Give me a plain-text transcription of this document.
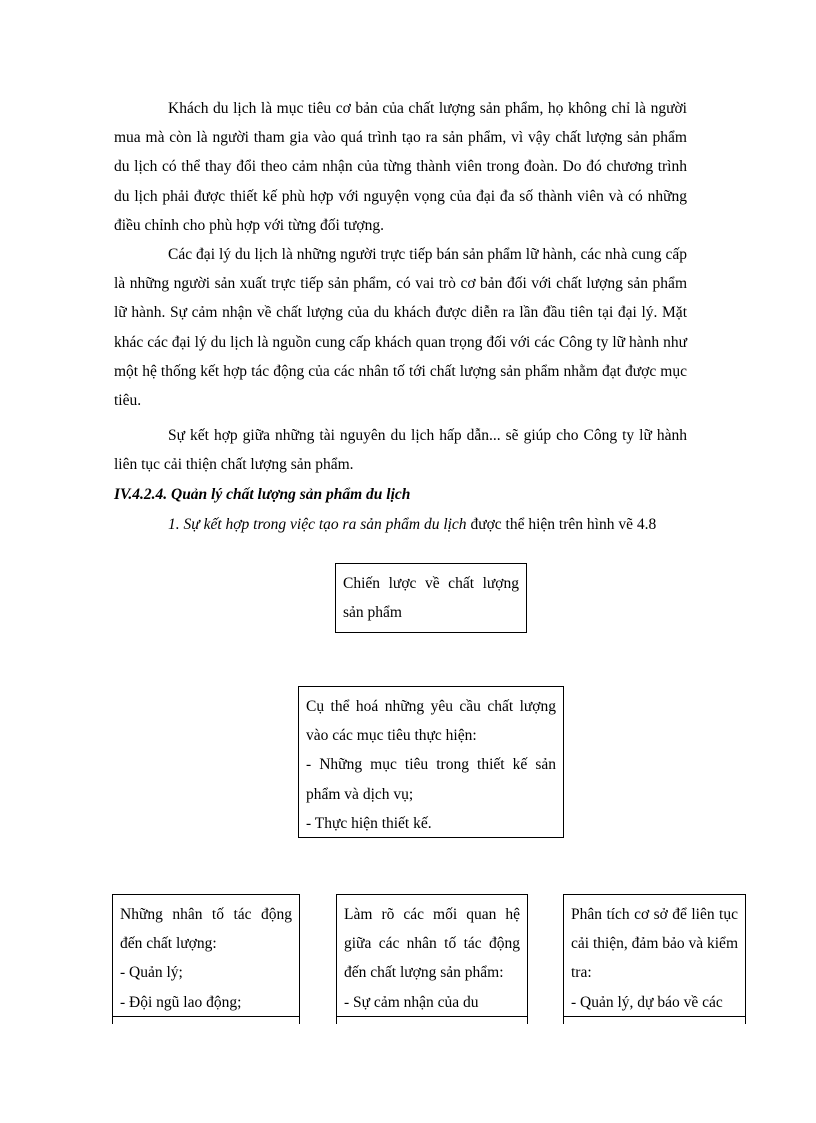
Khách du lịch là mục tiêu cơ bản của chất lượng sản phẩm, họ không chỉ là người mua mà còn là người tham gia vào quá trình tạo ra sản phẩm, vì vậy chất lượng sản phẩm du lịch có thể thay đổi theo cảm nhận của từng thành viên trong đoàn. Do đó chương trình du lịch phải được thiết kế phù hợp với nguyện vọng của đại đa số thành viên và có những điều chỉnh cho phù hợp với từng đối tượng.

Các đại lý du lịch là những người trực tiếp bán sản phẩm lữ hành, các nhà cung cấp là những người sản xuất trực tiếp sản phẩm, có vai trò cơ bản đối với chất lượng sản phẩm lữ hành. Sự cảm nhận về chất lượng của du khách được diễn ra lần đầu tiên tại đại lý. Mặt khác các đại lý du lịch là nguồn cung cấp khách quan trọng đối với các Công ty lữ hành như một hệ thống kết hợp tác động của các nhân tố tới chất lượng sản phẩm nhằm đạt được mục tiêu.

Sự kết hợp giữa những tài nguyên du lịch hấp dẫn... sẽ giúp cho Công ty lữ hành liên tục cải thiện chất lượng sản phẩm.

IV.4.2.4. Quản lý chất lượng sản phẩm du lịch

1. Sự kết hợp trong việc tạo ra sản phẩm du lịch được thể hiện trên hình vẽ 4.8

Chiến lược về chất lượng sản phẩm

Cụ thể hoá những yêu cầu chất lượng vào các mục tiêu thực hiện:

- Những mục tiêu trong thiết kế sản phẩm và dịch vụ;

- Thực hiện thiết kế.

Những nhân tố tác động đến chất lượng:

- Quản lý;

- Đội ngũ lao động;

Làm rõ các mối quan hệ giữa các nhân tố tác động đến chất lượng sản phẩm:

- Sự cảm nhận của du

Phân tích cơ sở để liên tục cải thiện, đảm bảo và kiểm tra:

- Quản lý, dự báo về các
